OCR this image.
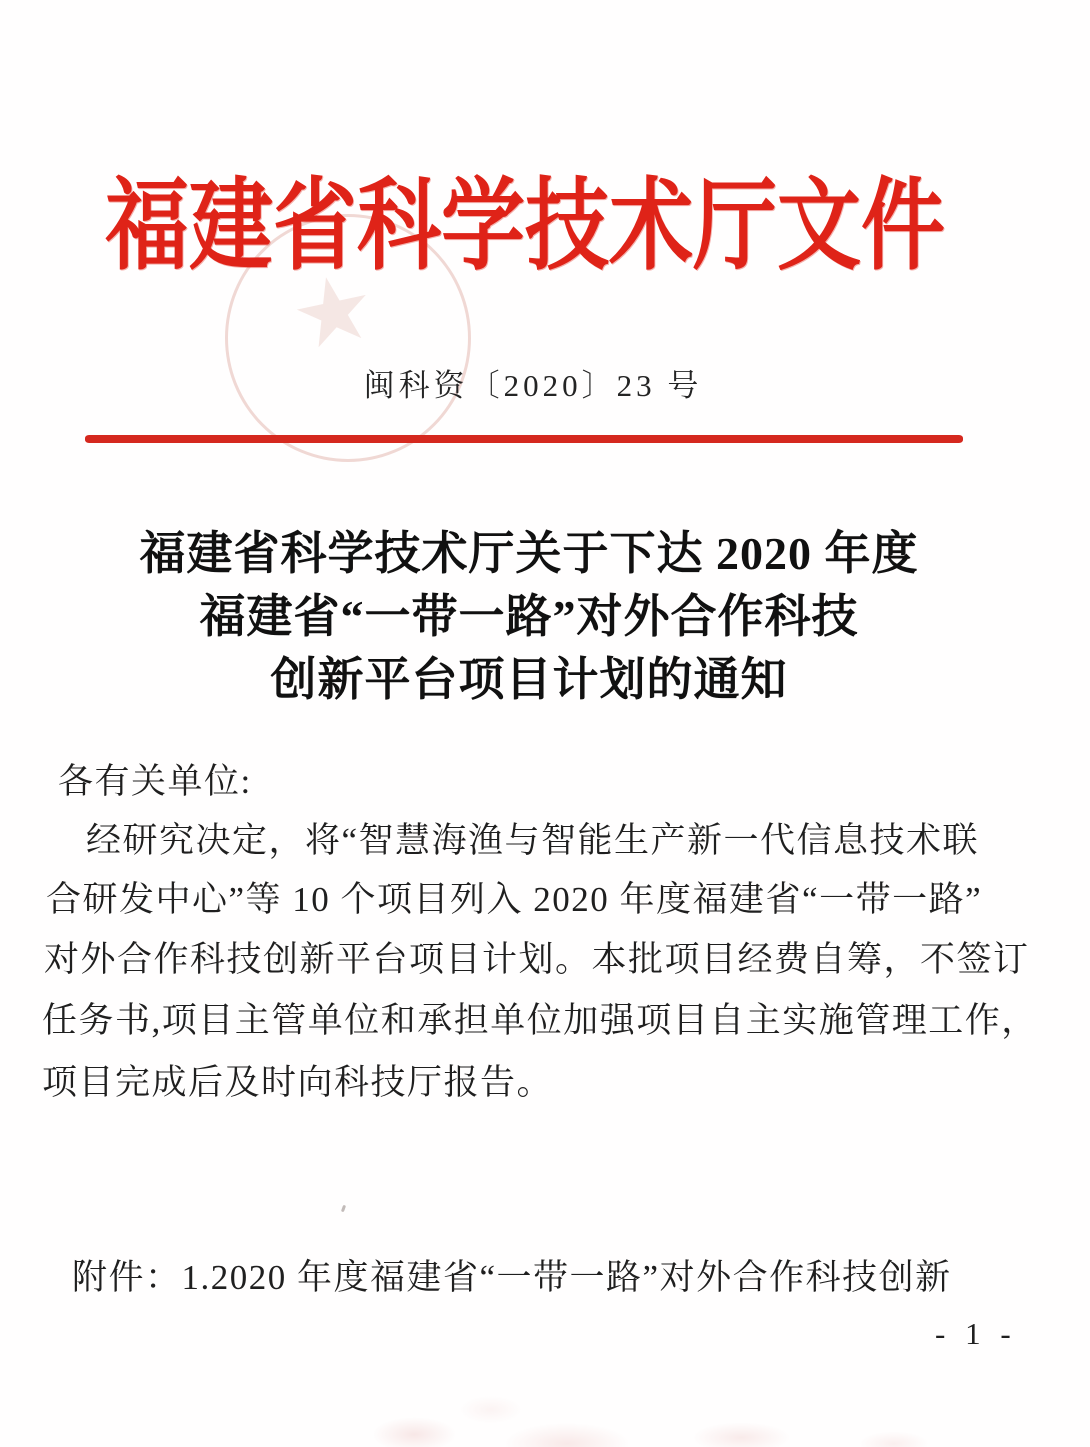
★
福建省科学技术厅文件
闽科资〔2020〕23 号
福建省科学技术厅关于下达 2020 年度
福建省“一带一路”对外合作科技
创新平台项目计划的通知
各有关单位:
经研究决定，将“智慧海渔与智能生产新一代信息技术联
合研发中心”等 10 个项目列入 2020 年度福建省“一带一路”
对外合作科技创新平台项目计划。本批项目经费自筹，不签订
任务书,项目主管单位和承担单位加强项目自主实施管理工作，
项目完成后及时向科技厅报告。
附件：1.2020 年度福建省“一带一路”对外合作科技创新
- 1 -
